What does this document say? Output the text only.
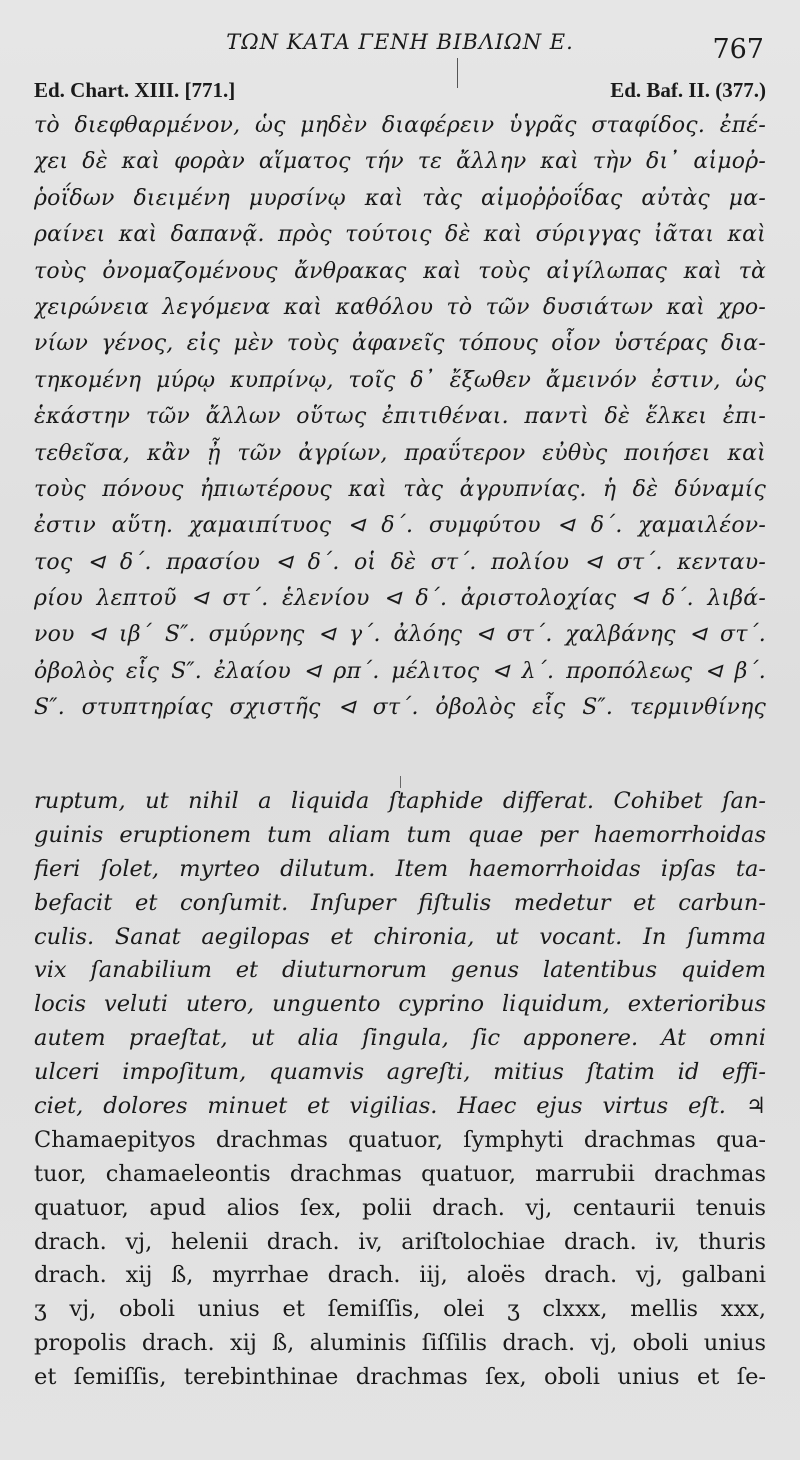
ΤΩΝ ΚΑΤΑ ΓΕΝΗ ΒΙΒΛΙΩΝ Ε.	767
Ed. Chart. XIII. [771.]	Ed. Baf. II. (377.)
τὸ διεφθαρμένον, ὡς μηδὲν διαφέρειν ὑγρᾶς σταφίδος. ἐπέ-
χει δὲ καὶ φορὰν αἵματος τήν τε ἄλλην καὶ τὴν δι᾽ αἱμοῤ-
ῥοΐδων διειμένη μυρσίνῳ καὶ τὰς αἱμοῤῥοΐδας αὐτὰς μα-
ραίνει καὶ δαπανᾷ. πρὸς τούτοις δὲ καὶ σύριγγας ἰᾶται καὶ
τοὺς ὀνομαζομένους ἄνθρακας καὶ τοὺς αἰγίλωπας καὶ τὰ
χειρώνεια λεγόμενα καὶ καθόλου τὸ τῶν δυσιάτων καὶ χρο-
νίων γένος, εἰς μὲν τοὺς ἀφανεῖς τόπους οἷον ὑστέρας δια-
τηκομένη μύρῳ κυπρίνῳ, τοῖς δ᾽ ἔξωθεν ἄμεινόν ἐστιν, ὡς
ἑκάστην τῶν ἄλλων οὕτως ἐπιτιθέναι. παντὶ δὲ ἕλκει ἐπι-
τεθεῖσα, κἂν ᾖ τῶν ἀγρίων, πραΰτερον εὐθὺς ποιήσει καὶ
τοὺς πόνους ἠπιωτέρους καὶ τὰς ἀγρυπνίας. ἡ δὲ δύναμίς
ἐστιν αὕτη. χαμαιπίτυος ⊲ δ΄. συμφύτου ⊲ δ΄. χαμαιλέον-
τος ⊲ δ΄. πρασίου ⊲ δ΄. οἱ δὲ στ΄. πολίου ⊲ στ΄. κενταυ-
ρίου λεπτοῦ ⊲ στ΄. ἑλενίου ⊲ δ΄. ἀριστολοχίας ⊲ δ΄. λιβά-
νου ⊲ ιβ΄ S″. σμύρνης ⊲ γ΄. ἀλόης ⊲ στ΄. χαλβάνης ⊲ στ΄.
ὀβολὸς εἷς S″. ἐλαίου ⊲ ρπ΄. μέλιτος ⊲ λ΄. προπόλεως ⊲ β΄.
S″. στυπτηρίας σχιστῆς ⊲ στ΄. ὀβολὸς εἷς S″. τερμινθίνης
ruptum, ut nihil a liquida ſtaphide differat. Cohibet ſan-
guinis eruptionem tum aliam tum quae per haemorrhoidas
fieri ſolet, myrteo dilutum. Item haemorrhoidas ipſas ta-
befacit et conſumit. Inſuper fiſtulis medetur et carbun-
culis. Sanat aegilopas et chironia, ut vocant. In ſumma
vix ſanabilium et diuturnorum genus latentibus quidem
locis veluti utero, unguento cyprino liquidum, exterioribus
autem praeſtat, ut alia ſingula, ſic apponere. At omni
ulceri impoſitum, quamvis agreſti, mitius ſtatim id effi-
ciet, dolores minuet et vigilias. Haec ejus virtus eſt. ♃
Chamaepityos drachmas quatuor, ſymphyti drachmas qua-
tuor, chamaeleontis drachmas quatuor, marrubii drachmas
quatuor, apud alios ſex, polii drach. vj, centaurii tenuis
drach. vj, helenii drach. iv, ariſtolochiae drach. iv, thuris
drach. xij ß, myrrhae drach. iij, aloës drach. vj, galbani
ʒ vj, oboli unius et ſemiſſis, olei ʒ clxxx, mellis xxx,
propolis drach. xij ß, aluminis ſiſſilis drach. vj, oboli unius
et ſemiſſis, terebinthinae drachmas ſex, oboli unius et ſe-
